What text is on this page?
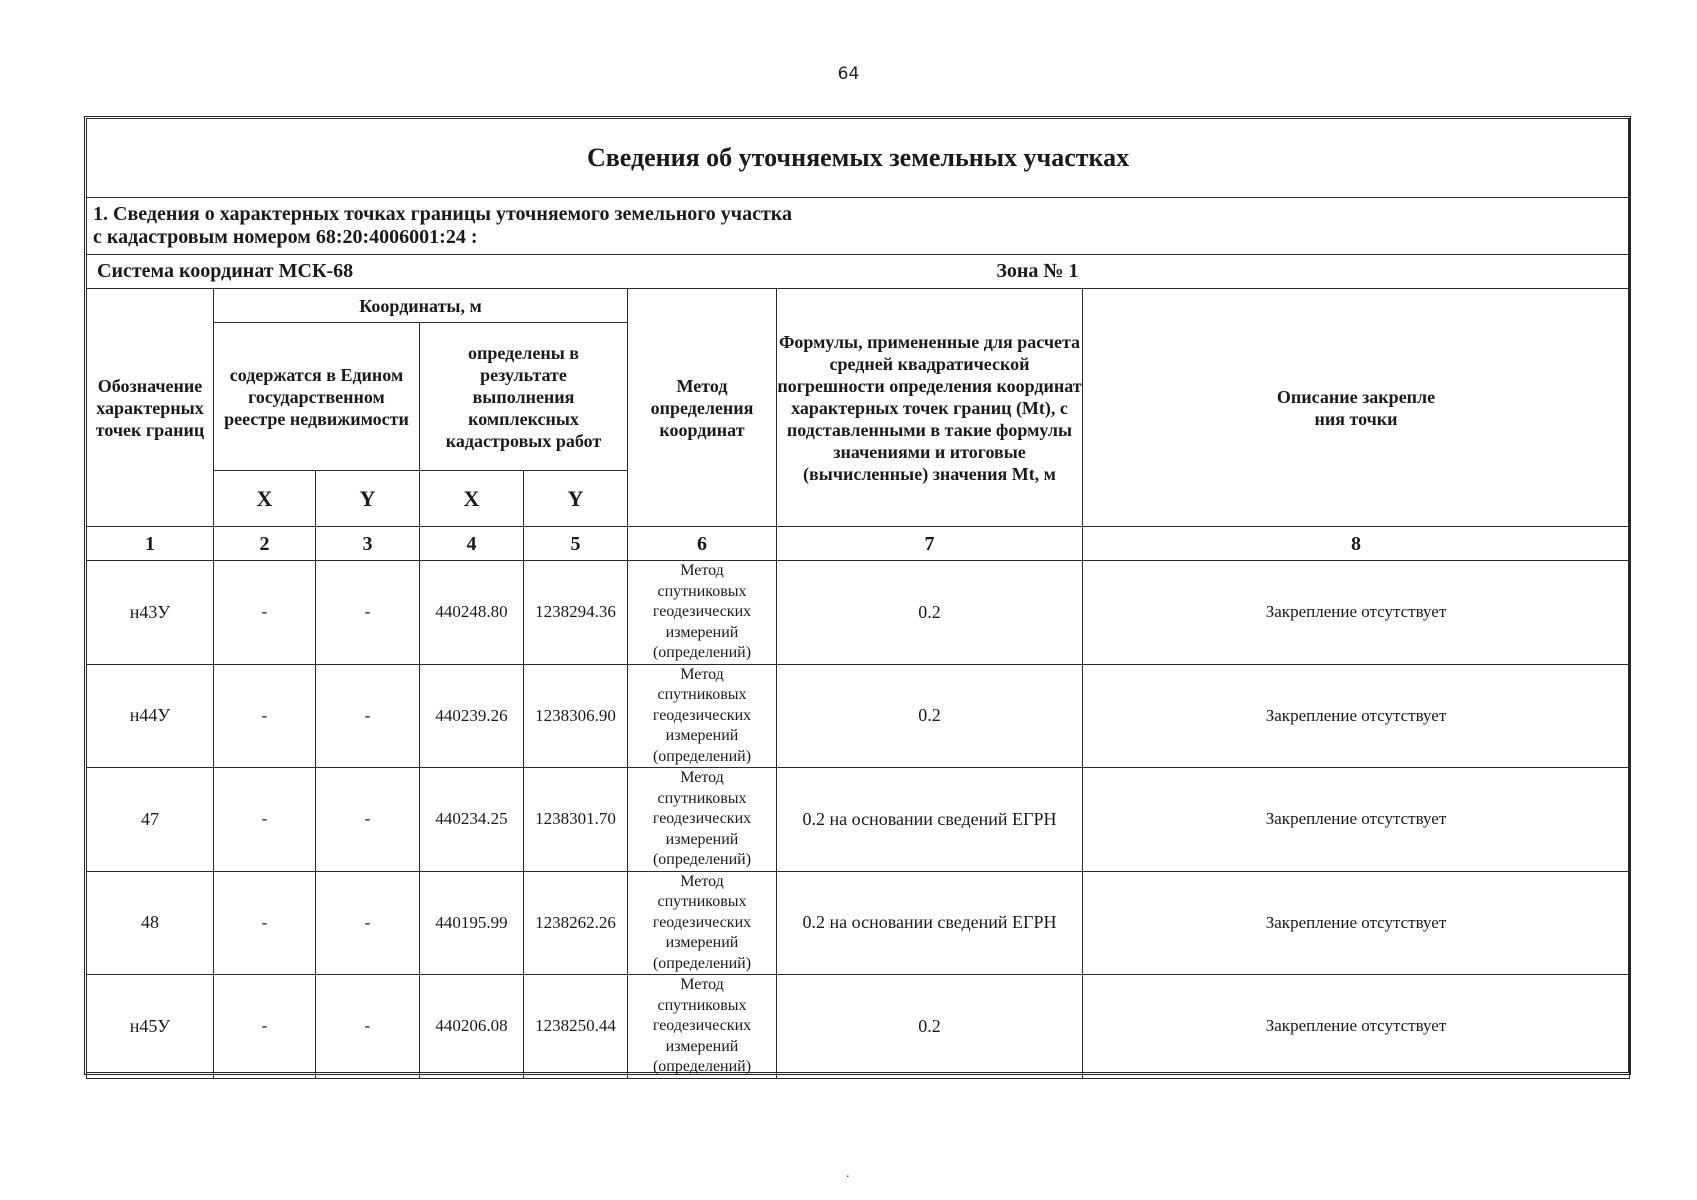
64
Сведения об уточняемых земельных участках							

1. Сведения о характерных точках границы уточняемого земельного участка
с кадастровым номером 68:20:4006001:24 :							

Система координат МСК-68						Зона № 1	
Обозначение характерных точек границ	Координаты, м				Метод определения координат	Формулы, примененные для расчета средней квадратической погрешности определения координат характерных точек границ (Mt), с подставленными в такие формулы значениями и итоговые (вычисленные) значения Mt, м	Описание закрепле ния точки
	содержатся в Едином государственном реестре недвижимости		определены в результате выполнения комплексных кадастровых работ				
	X	Y	X	Y			
1	2	3	4	5	6	7	8
н43У	-	-	440248.80	1238294.36	Метод спутниковых геодезических измерений (определений)	0.2	Закрепление отсутствует
н44У	-	-	440239.26	1238306.90	Метод спутниковых геодезических измерений (определений)	0.2	Закрепление отсутствует
47	-	-	440234.25	1238301.70	Метод спутниковых геодезических измерений (определений)	0.2 на основании сведений ЕГРН	Закрепление отсутствует
48	-	-	440195.99	1238262.26	Метод спутниковых геодезических измерений (определений)	0.2 на основании сведений ЕГРН	Закрепление отсутствует
н45У	-	-	440206.08	1238250.44	Метод спутниковых геодезических измерений (определений)	0.2	Закрепление отсутствует
.
